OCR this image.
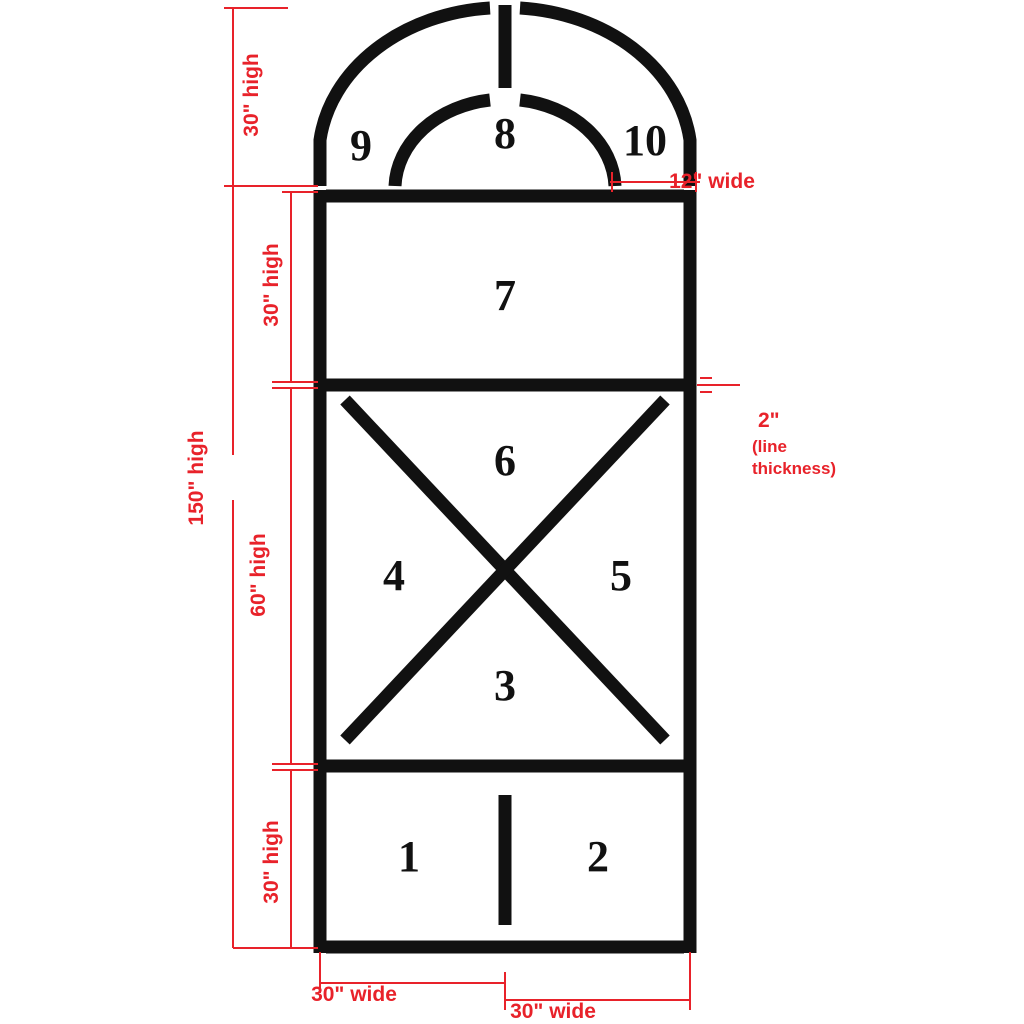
9	8 10
7
6
4	5
3
1	2
30" high
30" high
60" high
30" high
150" high
12" wide
30" wide
30" wide
2"
(line
thickness)
